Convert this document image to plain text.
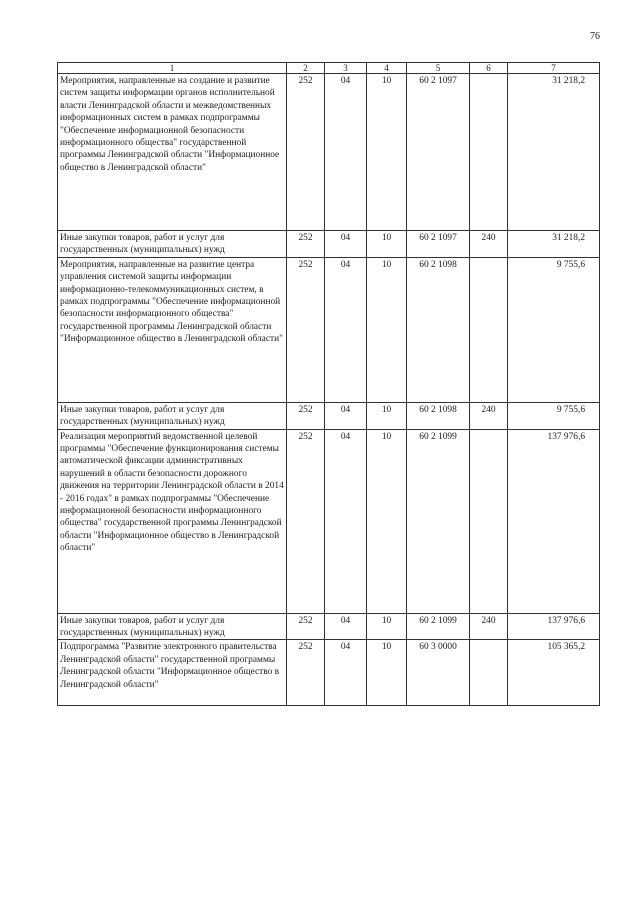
76
1	2	3	4	5	6	7
Мероприятия, направленные на создание и развитие систем защиты информации органов исполнительной власти Ленинградской области и межведомственных информационных систем в рамках подпрограммы "Обеспечение информационной безопасности информационного общества" государственной программы Ленинградской области "Информационное общество в Ленинградской области"	252	04	10	60 2 1097		31 218,2
Иные закупки товаров, работ и услуг для государственных (муниципальных) нужд	252	04	10	60 2 1097	240	31 218,2
Мероприятия, направленные на развитие центра управления системой защиты информации информационно-телекоммуникационных систем, в рамках подпрограммы "Обеспечение информационной безопасности информационного общества" государственной программы Ленинградской области "Информационное общество в Ленинградской области"	252	04	10	60 2 1098		9 755,6
Иные закупки товаров, работ и услуг для государственных (муниципальных) нужд	252	04	10	60 2 1098	240	9 755,6
Реализация мероприятий ведомственной целевой программы "Обеспечение функционирования системы автоматической фиксации административных нарушений в области безопасности дорожного движения на территории Ленинградской области в 2014 - 2016 годах" в рамках подпрограммы "Обеспечение информационной безопасности информационного общества" государственной программы Ленинградской области "Информационное общество в Ленинградской области"	252	04	10	60 2 1099		137 976,6
Иные закупки товаров, работ и услуг для государственных (муниципальных) нужд	252	04	10	60 2 1099	240	137 976,6
Подпрограмма "Развитие электронного правительства Ленинградской области" государственной программы Ленинградской области "Информационное общество в Ленинградской области"	252	04	10	60 3 0000		105 365,2
